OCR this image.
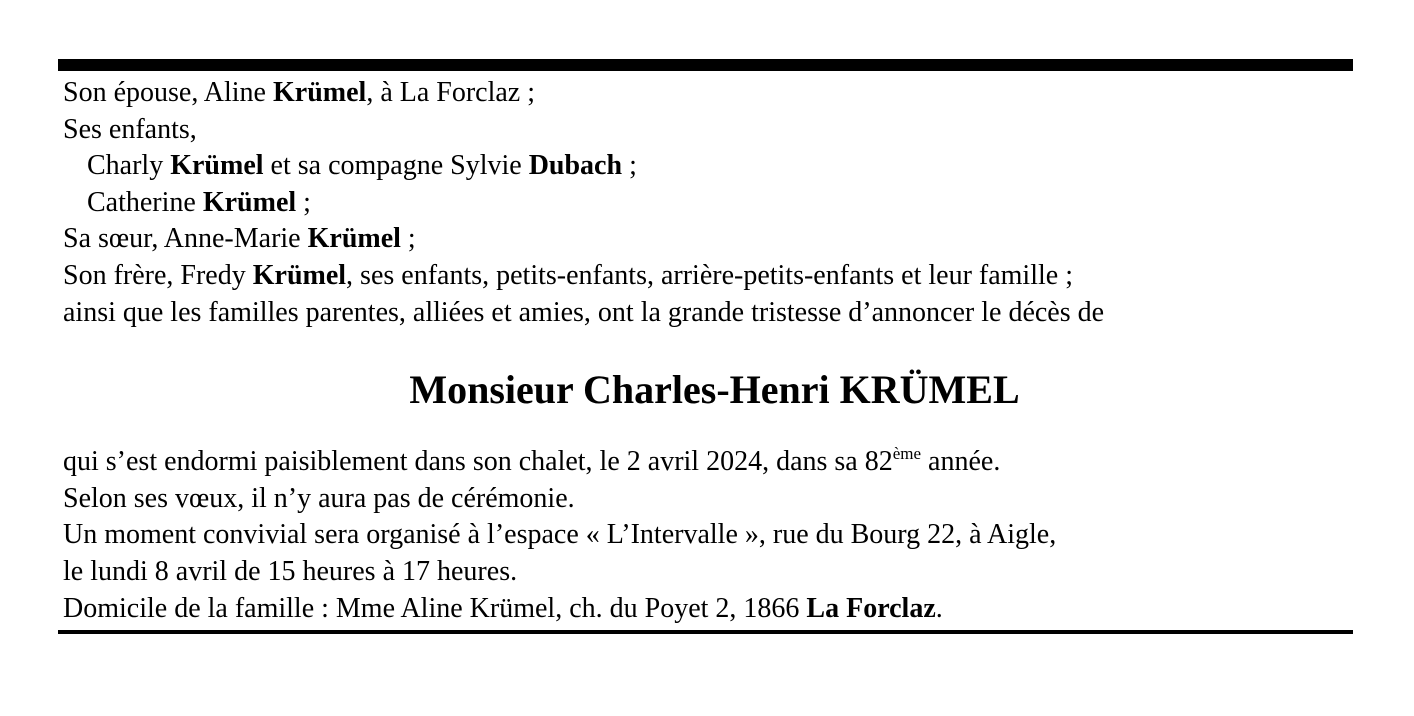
Son épouse, Aline Krümel, à La Forclaz ;
Ses enfants,
Charly Krümel et sa compagne Sylvie Dubach ;
Catherine Krümel ;
Sa sœur, Anne-Marie Krümel ;
Son frère, Fredy Krümel, ses enfants, petits-enfants, arrière-petits-enfants et leur famille ;
ainsi que les familles parentes, alliées et amies, ont la grande tristesse d’annoncer le décès de
Monsieur Charles-Henri KRÜMEL
qui s’est endormi paisiblement dans son chalet, le 2 avril 2024, dans sa 82ème année.
Selon ses vœux, il n’y aura pas de cérémonie.
Un moment convivial sera organisé à l’espace « L’Intervalle », rue du Bourg 22, à Aigle,
le lundi 8 avril de 15 heures à 17 heures.
Domicile de la famille : Mme Aline Krümel, ch. du Poyet 2, 1866 La Forclaz.
